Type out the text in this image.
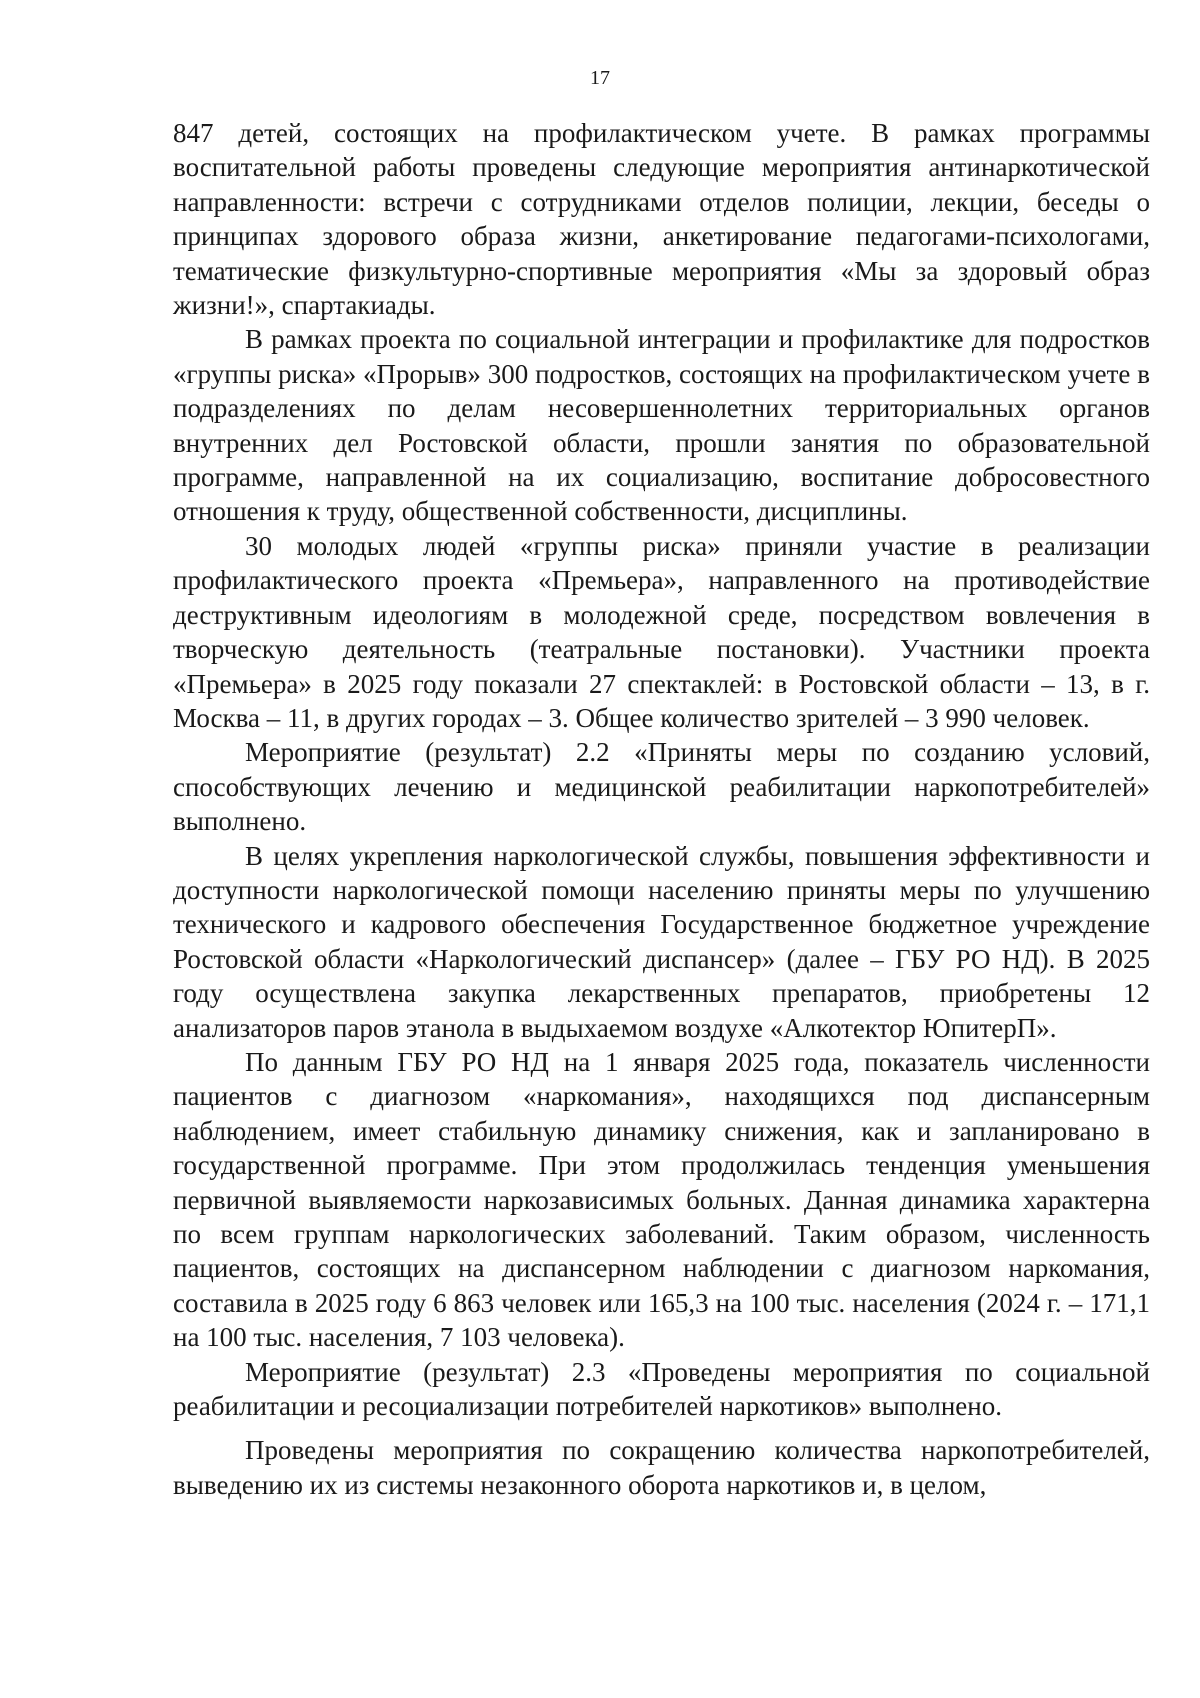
17

847 детей, состоящих на профилактическом учете. В рамках программы воспитательной работы проведены следующие мероприятия антинаркотической направленности: встречи с сотрудниками отделов полиции, лекции, беседы о принципах здорового образа жизни, анкетирование педагогами-психологами, тематические физкультурно-спортивные мероприятия «Мы за здоровый образ жизни!», спартакиады.

В рамках проекта по социальной интеграции и профилактике для подростков «группы риска» «Прорыв» 300 подростков, состоящих на профилактическом учете в подразделениях по делам несовершеннолетних территориальных органов внутренних дел Ростовской области, прошли занятия по образовательной программе, направленной на их социализацию, воспитание добросовестного отношения к труду, общественной собственности, дисциплины.

30 молодых людей «группы риска» приняли участие в реализации профилактического проекта «Премьера», направленного на противодействие деструктивным идеологиям в молодежной среде, посредством вовлечения в творческую деятельность (театральные постановки). Участники проекта «Премьера» в 2025 году показали 27 спектаклей: в Ростовской области – 13, в г. Москва – 11, в других городах – 3. Общее количество зрителей – 3 990 человек.

Мероприятие (результат) 2.2 «Приняты меры по созданию условий, способствующих лечению и медицинской реабилитации наркопотребителей» выполнено.

В целях укрепления наркологической службы, повышения эффективности и доступности наркологической помощи населению приняты меры по улучшению технического и кадрового обеспечения Государственное бюджетное учреждение Ростовской области «Наркологический диспансер» (далее – ГБУ РО НД). В 2025 году осуществлена закупка лекарственных препаратов, приобретены 12 анализаторов паров этанола в выдыхаемом воздухе «Алкотектор ЮпитерП».

По данным ГБУ РО НД на 1 января 2025 года, показатель численности пациентов с диагнозом «наркомания», находящихся под диспансерным наблюдением, имеет стабильную динамику снижения, как и запланировано в государственной программе. При этом продолжилась тенденция уменьшения первичной выявляемости наркозависимых больных. Данная динамика характерна по всем группам наркологических заболеваний. Таким образом, численность пациентов, состоящих на диспансерном наблюдении с диагнозом наркомания, составила в 2025 году 6 863 человек или 165,3 на 100 тыс. населения (2024 г. – 171,1 на 100 тыс. населения, 7 103 человека).

Мероприятие (результат) 2.3 «Проведены мероприятия по социальной реабилитации и ресоциализации потребителей наркотиков» выполнено.

Проведены мероприятия по сокращению количества наркопотребителей, выведению их из системы незаконного оборота наркотиков и, в целом,
